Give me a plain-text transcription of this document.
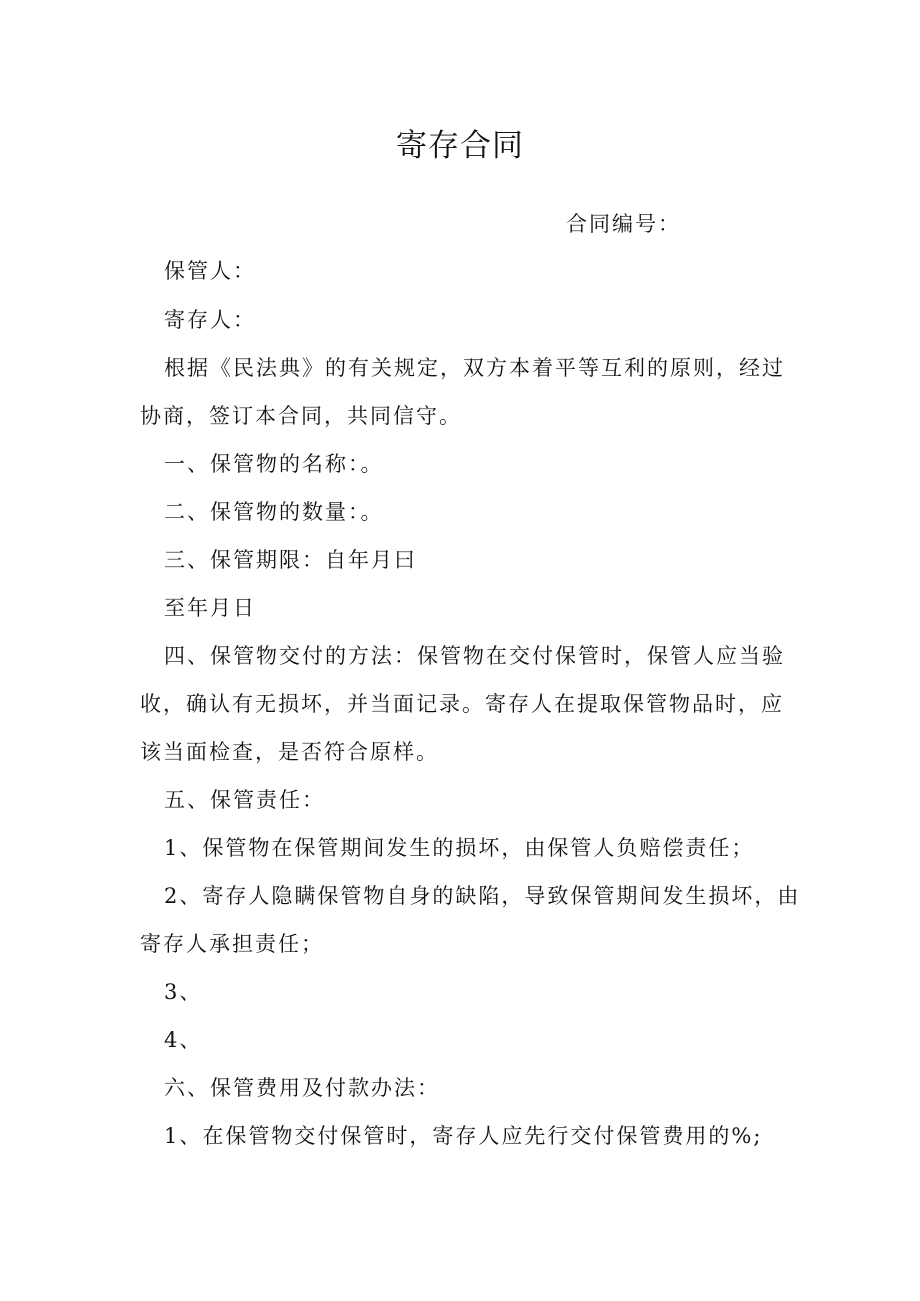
寄存合同
合同编号：
保管人：
寄存人：
根据《民法典》的有关规定，双方本着平等互利的原则，经过
协商，签订本合同，共同信守。
一、保管物的名称：。
二、保管物的数量：。
三、保管期限：自年月曰
至年月日
四、保管物交付的方法：保管物在交付保管时，保管人应当验
收，确认有无损坏，并当面记录。寄存人在提取保管物品时，应
该当面检查，是否符合原样。
五、保管责任：
1、保管物在保管期间发生的损坏，由保管人负赔偿责任；
2、寄存人隐瞒保管物自身的缺陷，导致保管期间发生损坏，由
寄存人承担责任；
3、
4、
六、保管费用及付款办法：
1、在保管物交付保管时，寄存人应先行交付保管费用的%;
